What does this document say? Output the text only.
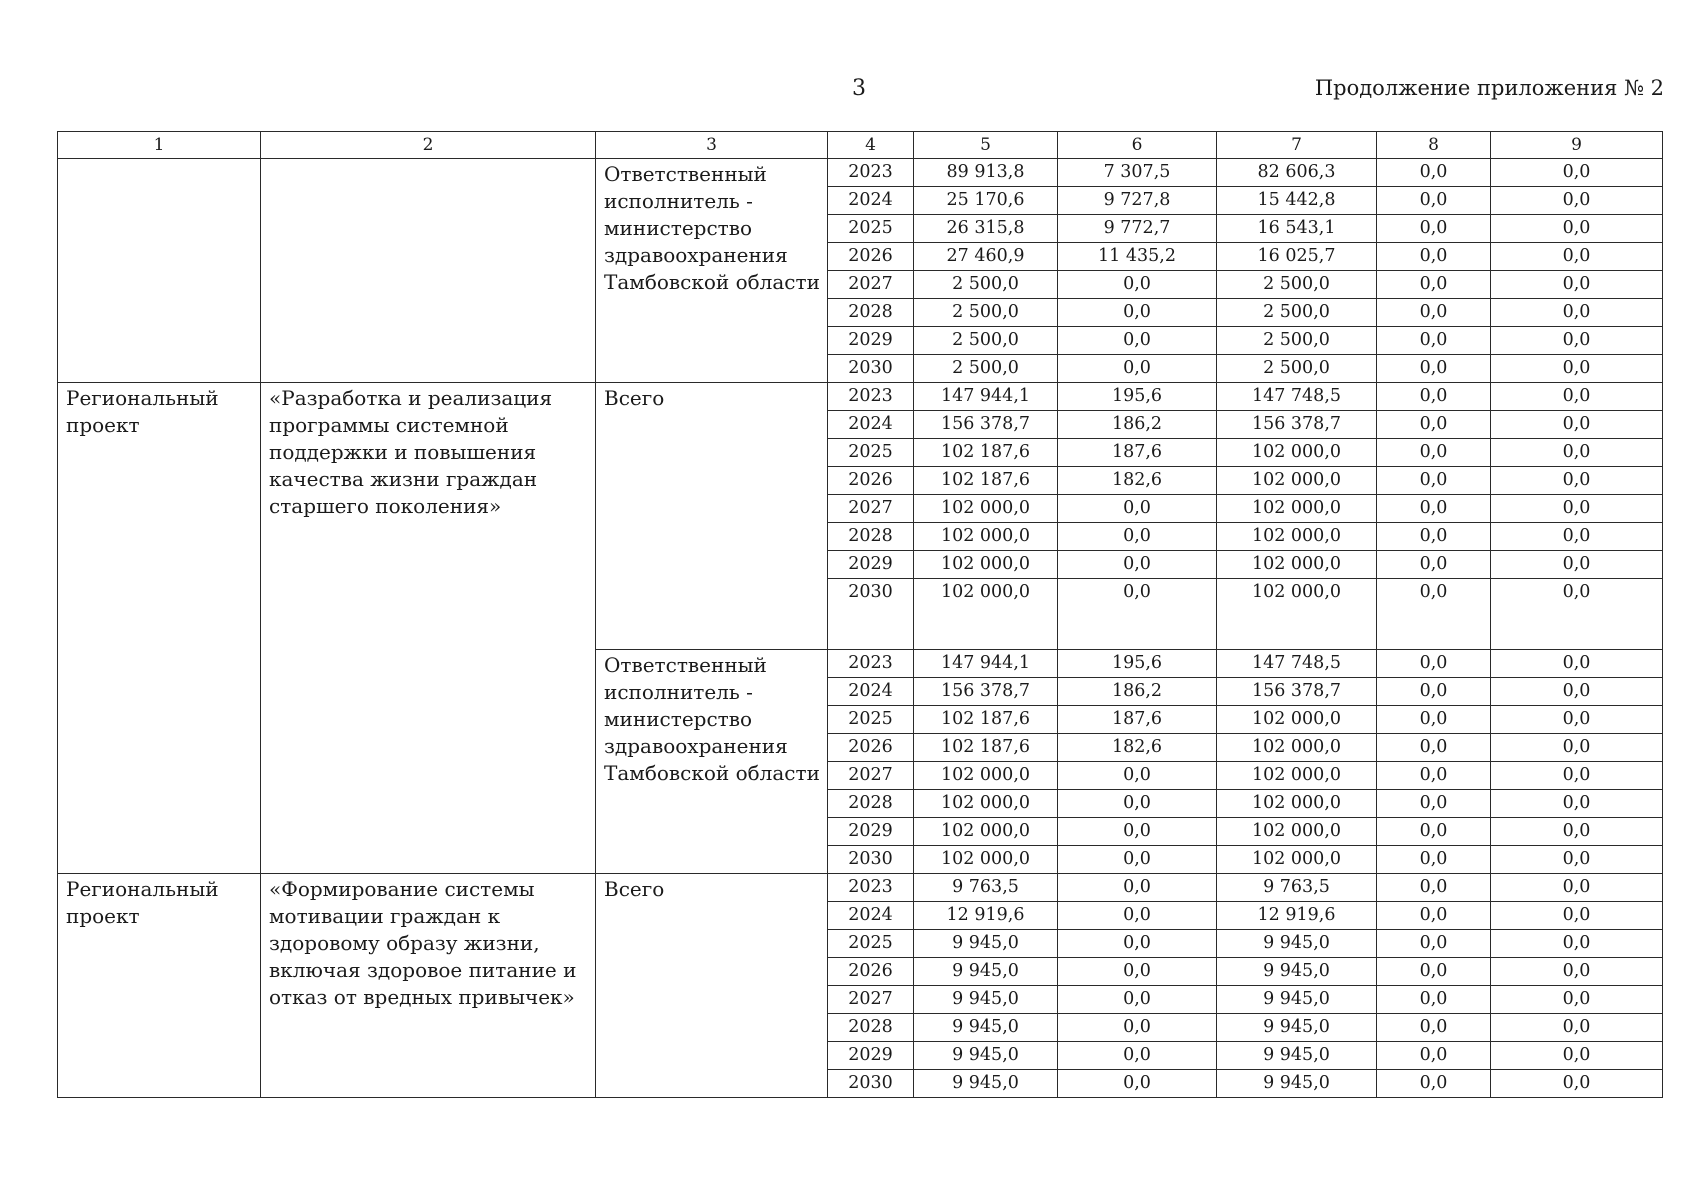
3	Продолжение приложения № 2
1	2	3	4	5	6	7	8	9
		Ответственный исполнитель - министерство здравоохранения Тамбовской области	2023	89 913,8	7 307,5	82 606,3	0,0	0,0
			2024	25 170,6	9 727,8	15 442,8	0,0	0,0
			2025	26 315,8	9 772,7	16 543,1	0,0	0,0
			2026	27 460,9	11 435,2	16 025,7	0,0	0,0
			2027	2 500,0	0,0	2 500,0	0,0	0,0
			2028	2 500,0	0,0	2 500,0	0,0	0,0
			2029	2 500,0	0,0	2 500,0	0,0	0,0
			2030	2 500,0	0,0	2 500,0	0,0	0,0
Региональный проект	«Разработка и реализация программы системной поддержки и повышения качества жизни граждан старшего поколения»	Всего	2023	147 944,1	195,6	147 748,5	0,0	0,0
			2024	156 378,7	186,2	156 378,7	0,0	0,0
			2025	102 187,6	187,6	102 000,0	0,0	0,0
			2026	102 187,6	182,6	102 000,0	0,0	0,0
			2027	102 000,0	0,0	102 000,0	0,0	0,0
			2028	102 000,0	0,0	102 000,0	0,0	0,0
			2029	102 000,0	0,0	102 000,0	0,0	0,0
			2030	102 000,0	0,0	102 000,0	0,0	0,0
		Ответственный исполнитель - министерство здравоохранения Тамбовской области	2023	147 944,1	195,6	147 748,5	0,0	0,0
			2024	156 378,7	186,2	156 378,7	0,0	0,0
			2025	102 187,6	187,6	102 000,0	0,0	0,0
			2026	102 187,6	182,6	102 000,0	0,0	0,0
			2027	102 000,0	0,0	102 000,0	0,0	0,0
			2028	102 000,0	0,0	102 000,0	0,0	0,0
			2029	102 000,0	0,0	102 000,0	0,0	0,0
			2030	102 000,0	0,0	102 000,0	0,0	0,0
Региональный проект	«Формирование системы мотивации граждан к здоровому образу жизни, включая здоровое питание и отказ от вредных привычек»	Всего	2023	9 763,5	0,0	9 763,5	0,0	0,0
			2024	12 919,6	0,0	12 919,6	0,0	0,0
			2025	9 945,0	0,0	9 945,0	0,0	0,0
			2026	9 945,0	0,0	9 945,0	0,0	0,0
			2027	9 945,0	0,0	9 945,0	0,0	0,0
			2028	9 945,0	0,0	9 945,0	0,0	0,0
			2029	9 945,0	0,0	9 945,0	0,0	0,0
			2030	9 945,0	0,0	9 945,0	0,0	0,0
